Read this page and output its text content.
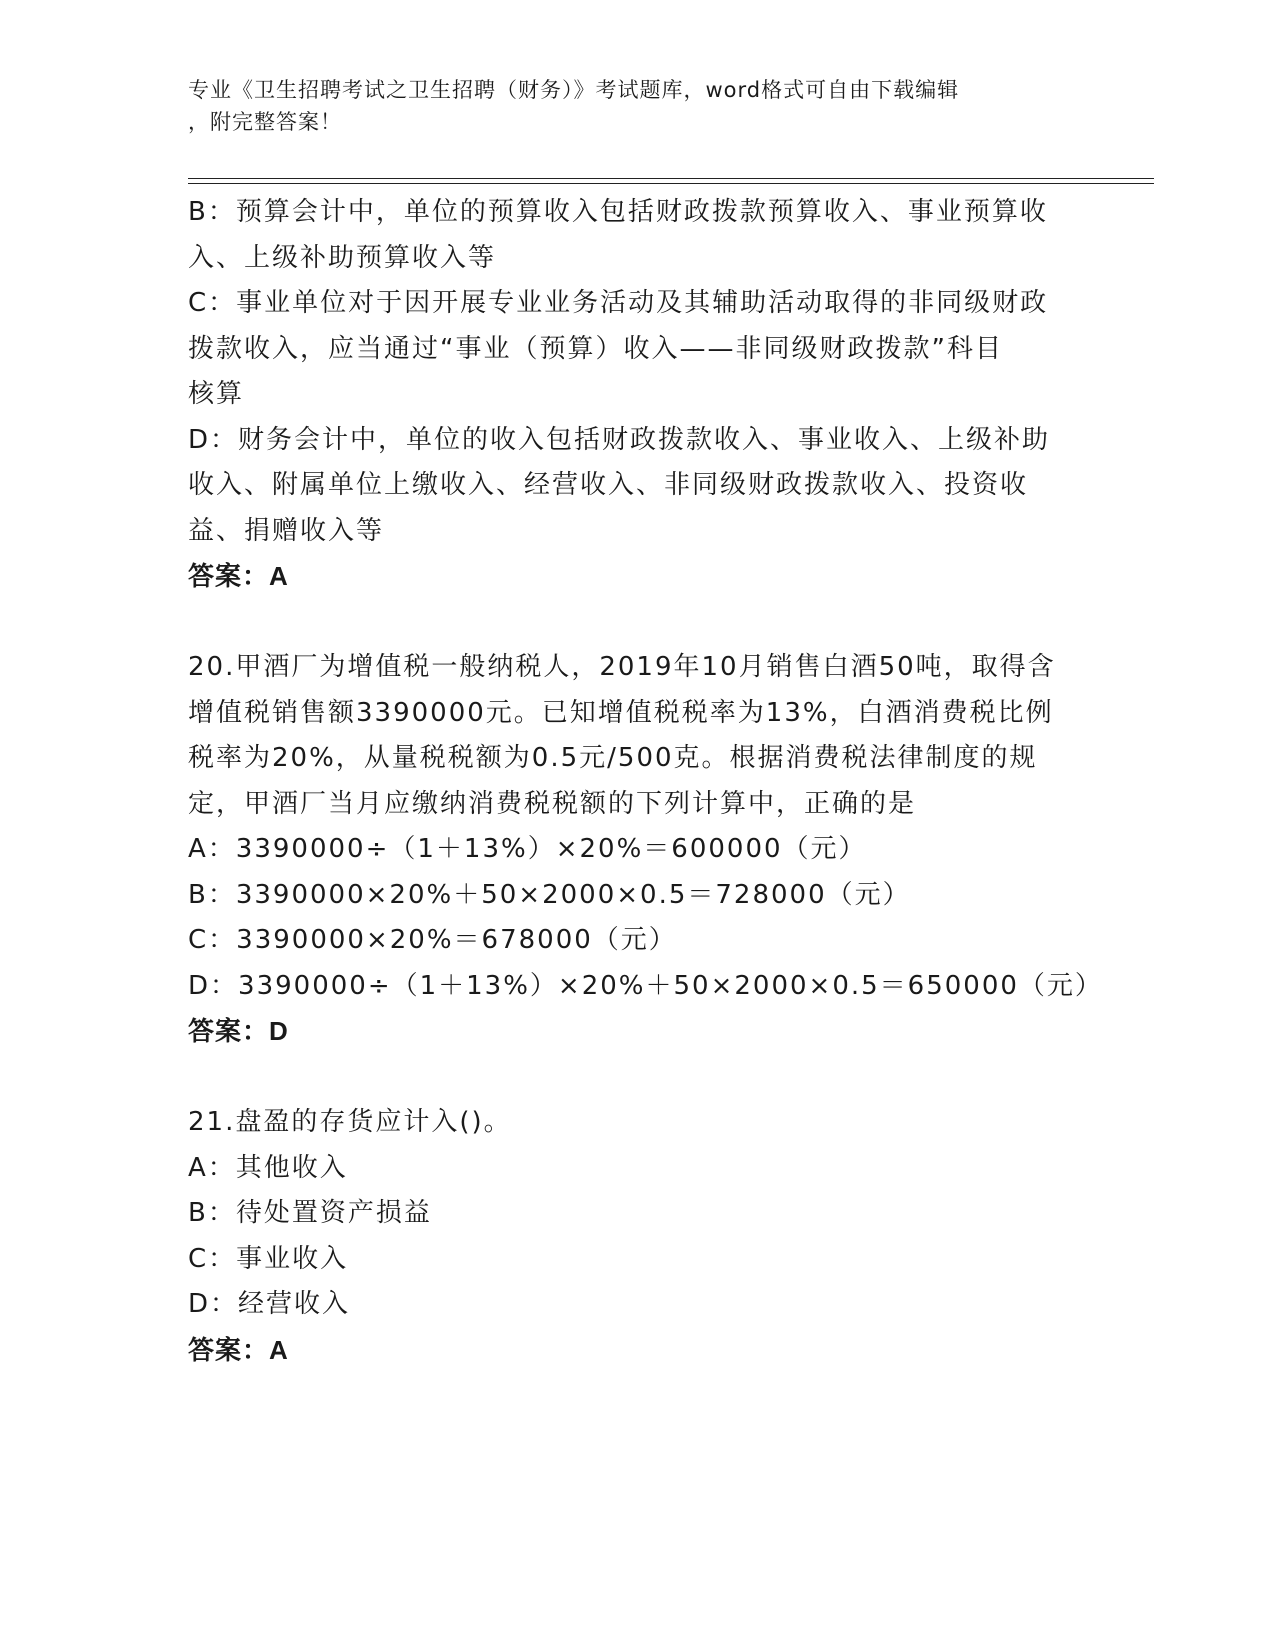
专业《卫生招聘考试之卫生招聘（财务）》考试题库，word格式可自由下载编辑
，附完整答案！
B：预算会计中，单位的预算收入包括财政拨款预算收入、事业预算收
入、上级补助预算收入等
C：事业单位对于因开展专业业务活动及其辅助活动取得的非同级财政
拨款收入，应当通过“事业（预算）收入——非同级财政拨款”科目
核算
D：财务会计中，单位的收入包括财政拨款收入、事业收入、上级补助
收入、附属单位上缴收入、经营收入、非同级财政拨款收入、投资收
益、捐赠收入等
答案：A
20.甲酒厂为增值税一般纳税人，2019年10月销售白酒50吨，取得含
增值税销售额3390000元。已知增值税税率为13%，白酒消费税比例
税率为20%，从量税税额为0.5元/500克。根据消费税法律制度的规
定，甲酒厂当月应缴纳消费税税额的下列计算中，正确的是
A：3390000÷（1＋13%）×20%＝600000（元）
B：3390000×20%＋50×2000×0.5＝728000（元）
C：3390000×20%＝678000（元）
D：3390000÷（1＋13%）×20%＋50×2000×0.5＝650000（元）
答案：D
21.盘盈的存货应计入()。
A：其他收入
B：待处置资产损益
C：事业收入
D：经营收入
答案：A
